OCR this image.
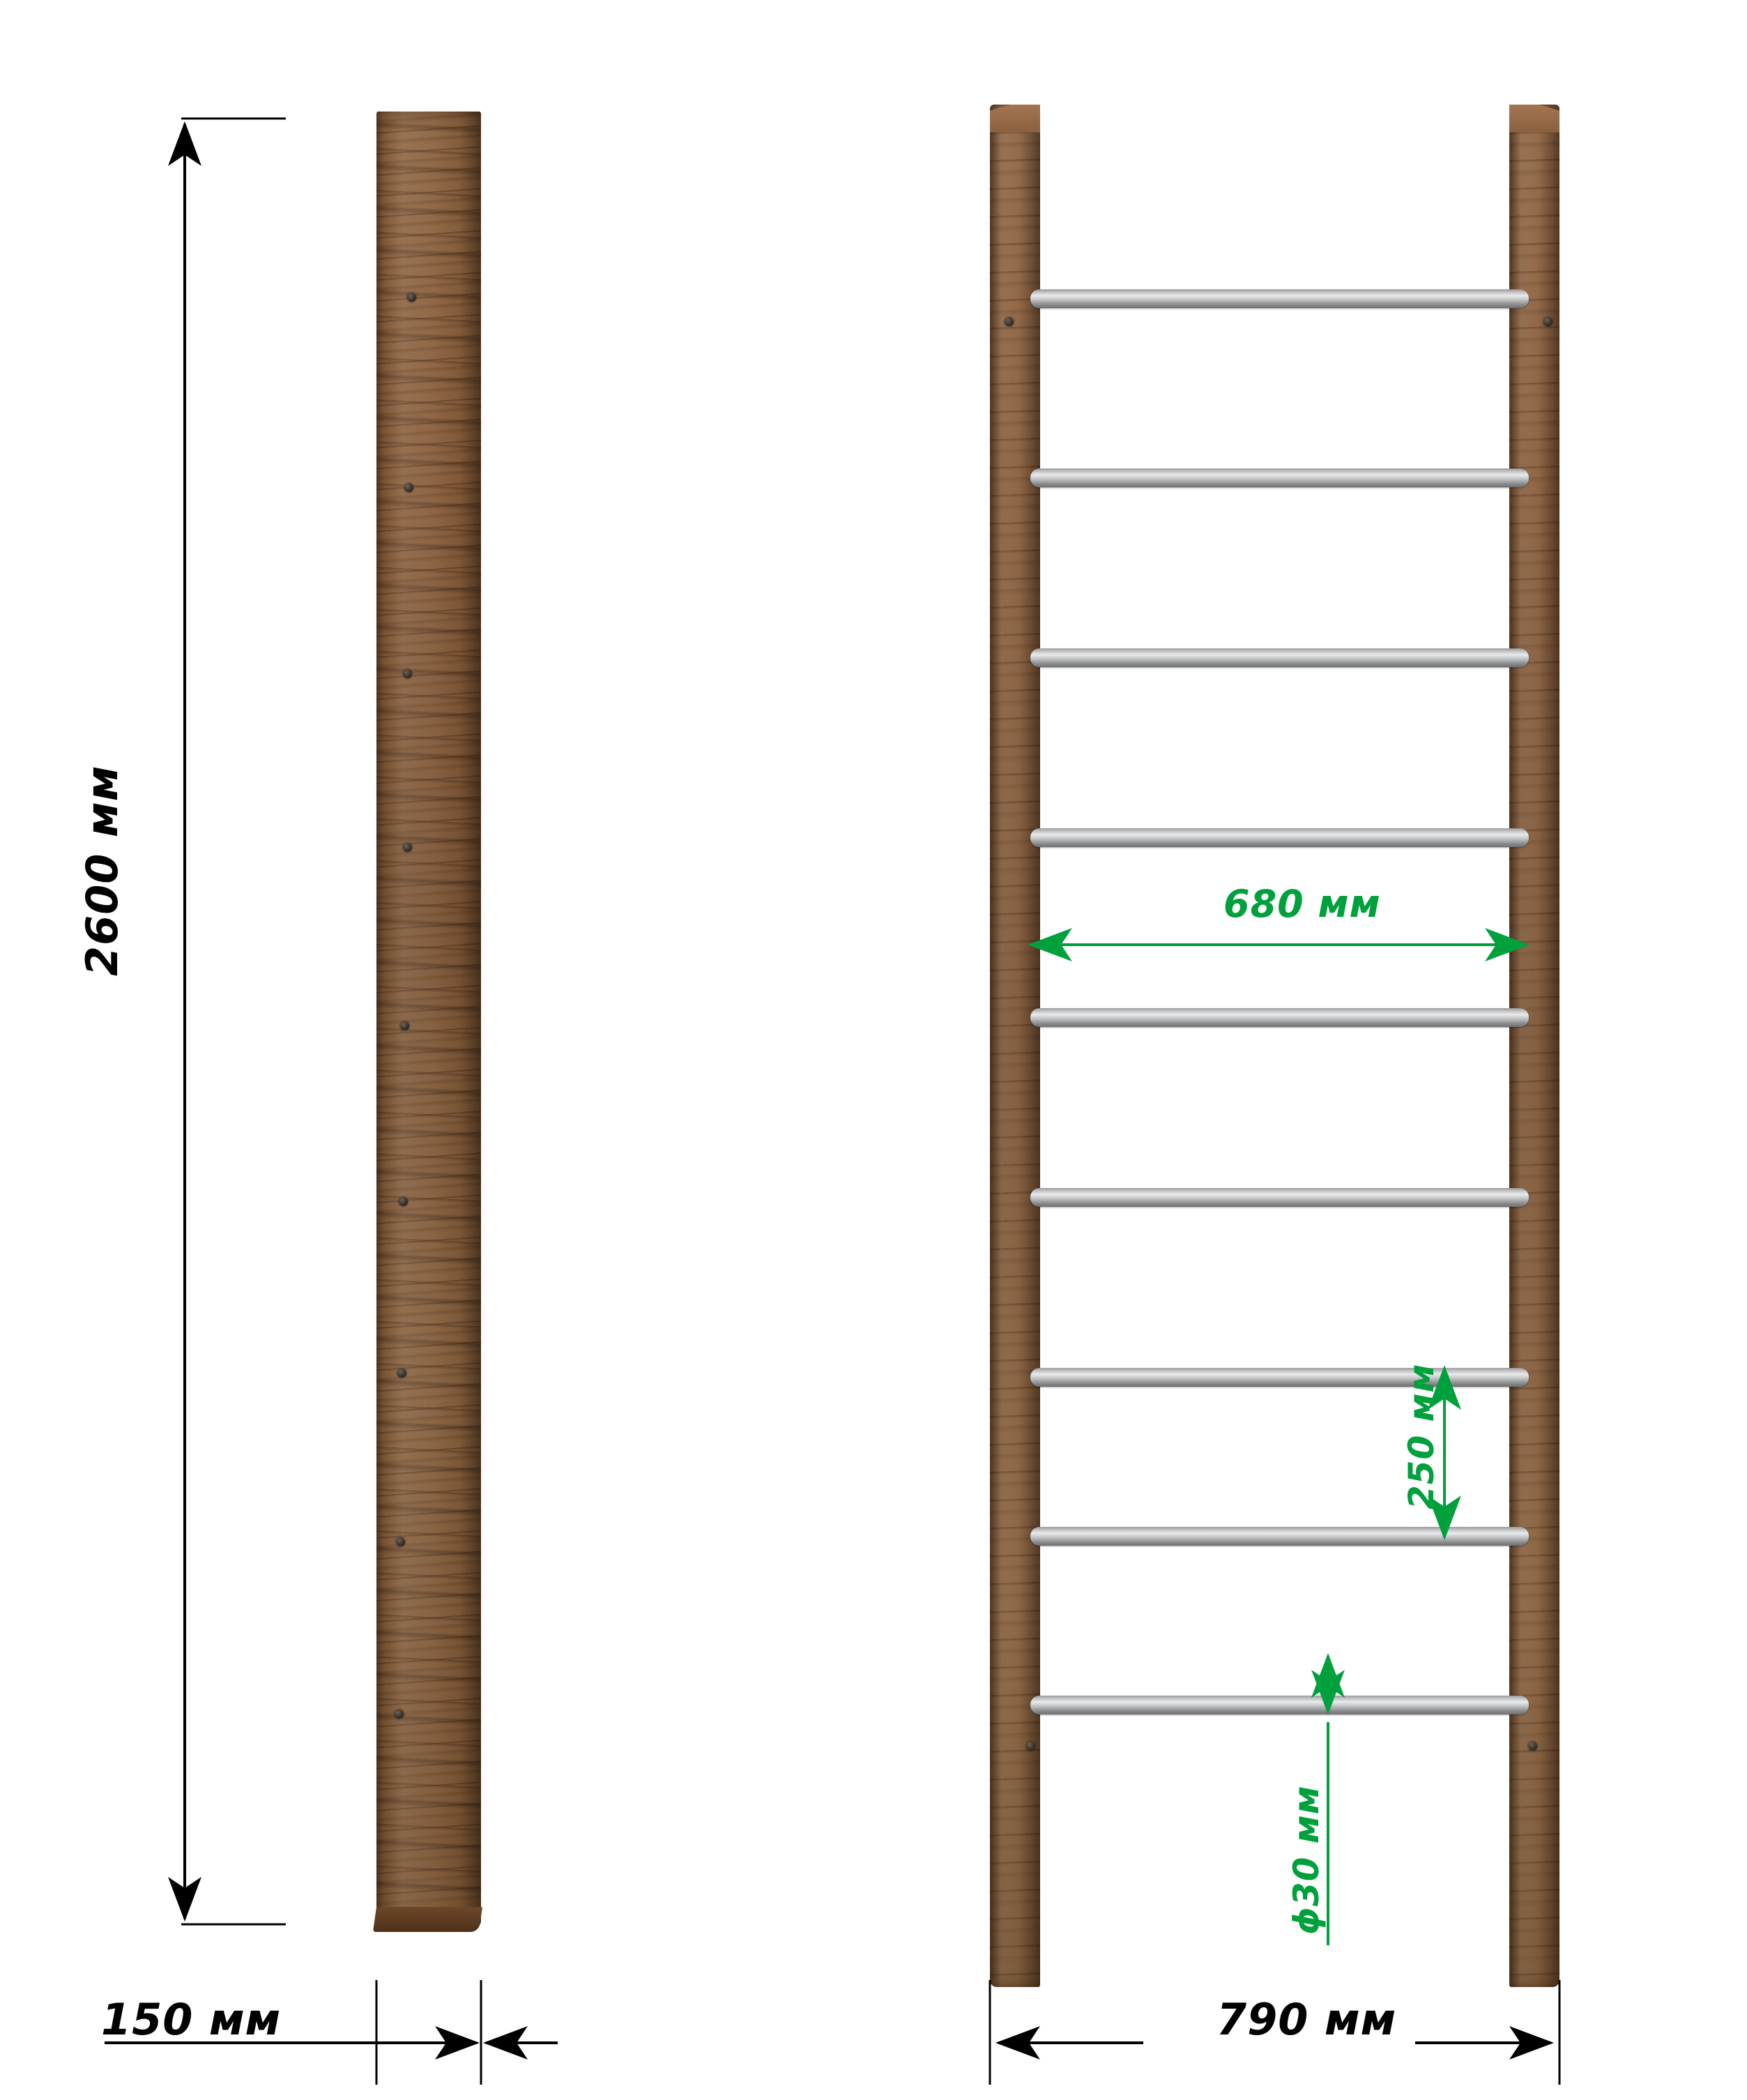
2600 мм
150 мм	790 мм
680 мм
250 мм
ϕ30 мм
